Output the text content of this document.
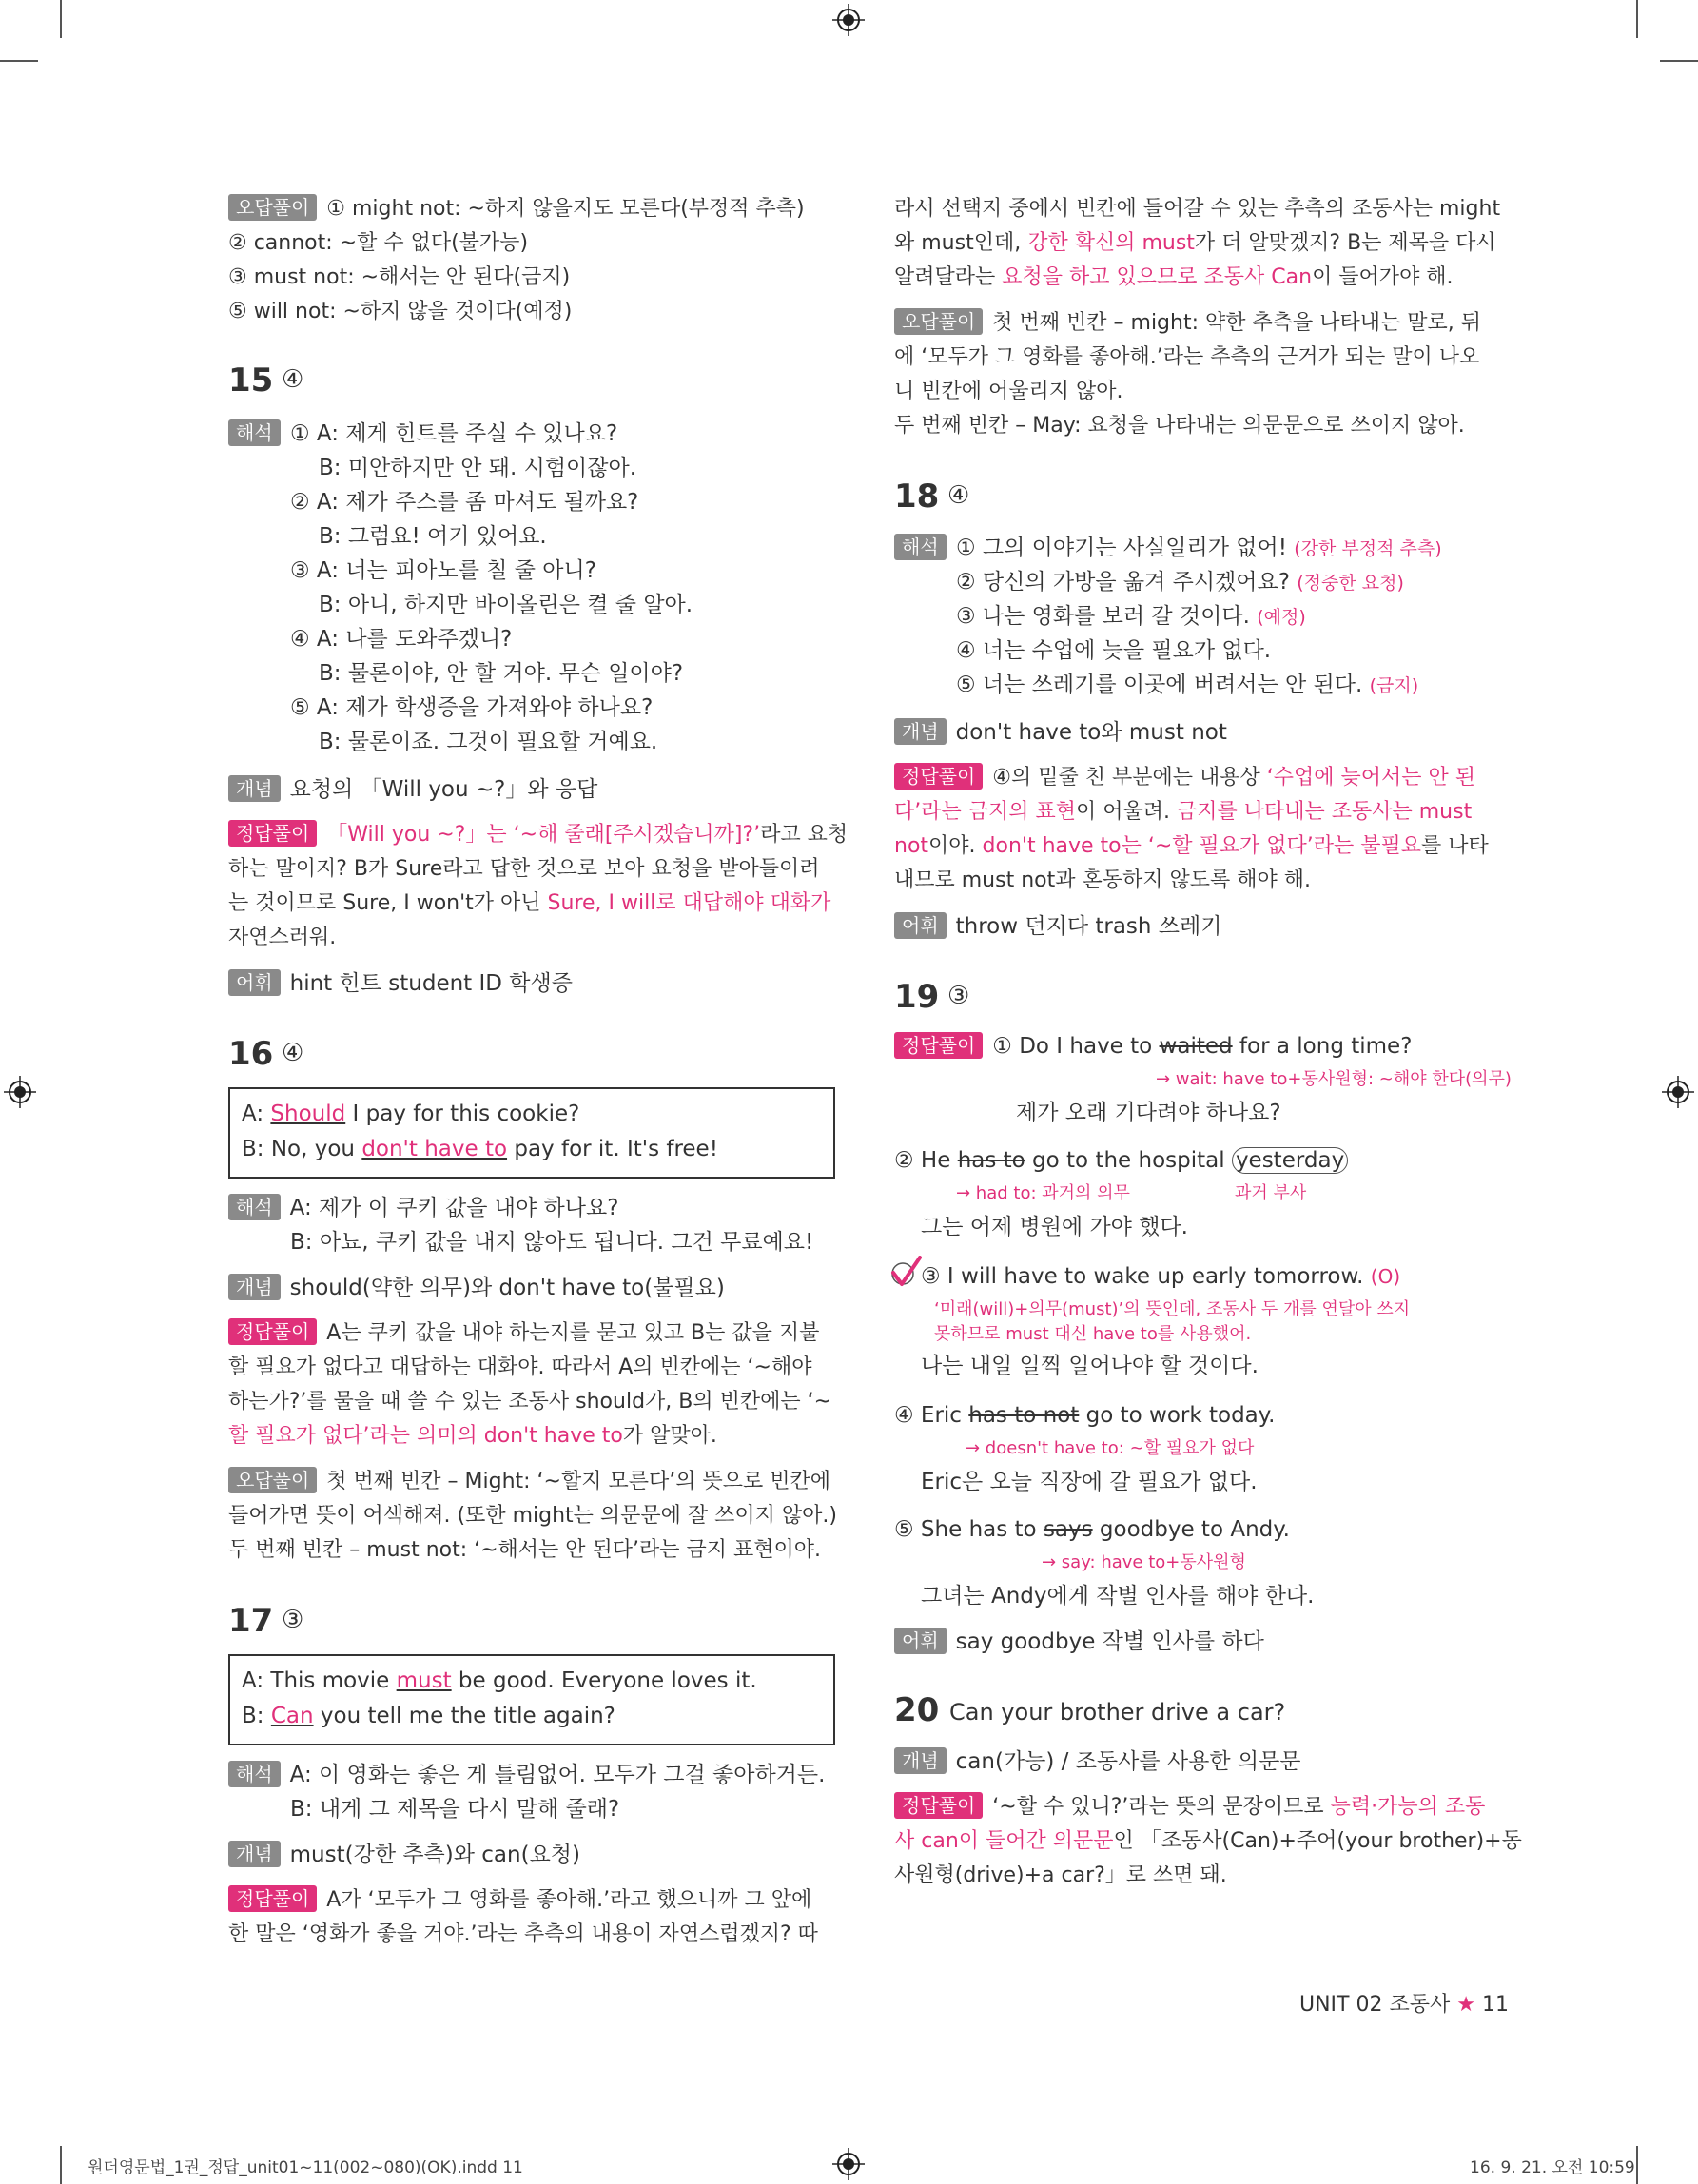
오답풀이 ① might not: ~하지 않을지도 모른다(부정적 추측)
② cannot: ~할 수 없다(불가능)
③ must not: ~해서는 안 된다(금지)
⑤ will not: ~하지 않을 것이다(예정)
15 ④
해석 ① A: 제게 힌트를 주실 수 있나요?
B: 미안하지만 안 돼. 시험이잖아.
② A: 제가 주스를 좀 마셔도 될까요?
B: 그럼요! 여기 있어요.
③ A: 너는 피아노를 칠 줄 아니?
B: 아니, 하지만 바이올린은 켤 줄 알아.
④ A: 나를 도와주겠니?
B: 물론이야, 안 할 거야. 무슨 일이야?
⑤ A: 제가 학생증을 가져와야 하나요?
B: 물론이죠. 그것이 필요할 거예요.
개념 요청의 「Will you ~?」와 응답
정답풀이 「Will you ~?」는 ‘~해 줄래[주시겠습니까]?’라고 요청
하는 말이지? B가 Sure라고 답한 것으로 보아 요청을 받아들이려
는 것이므로 Sure, I won't가 아닌 Sure, I will로 대답해야 대화가
자연스러워.
어휘 hint 힌트 student ID 학생증
16 ④
A: Should I pay for this cookie?
B: No, you don't have to pay for it. It's free!
해석 A: 제가 이 쿠키 값을 내야 하나요?
B: 아뇨, 쿠키 값을 내지 않아도 됩니다. 그건 무료예요!
개념 should(약한 의무)와 don't have to(불필요)
정답풀이 A는 쿠키 값을 내야 하는지를 묻고 있고 B는 값을 지불
할 필요가 없다고 대답하는 대화야. 따라서 A의 빈칸에는 ‘~해야
하는가?’를 물을 때 쓸 수 있는 조동사 should가, B의 빈칸에는 ‘~
할 필요가 없다’라는 의미의 don't have to가 알맞아.
오답풀이 첫 번째 빈칸 – Might: ‘~할지 모른다’의 뜻으로 빈칸에
들어가면 뜻이 어색해져. (또한 might는 의문문에 잘 쓰이지 않아.)
두 번째 빈칸 – must not: ‘~해서는 안 된다’라는 금지 표현이야.
17 ③
A: This movie must be good. Everyone loves it.
B: Can you tell me the title again?
해석 A: 이 영화는 좋은 게 틀림없어. 모두가 그걸 좋아하거든.
B: 내게 그 제목을 다시 말해 줄래?
개념 must(강한 추측)와 can(요청)
정답풀이 A가 ‘모두가 그 영화를 좋아해.’라고 했으니까 그 앞에
한 말은 ‘영화가 좋을 거야.’라는 추측의 내용이 자연스럽겠지? 따
라서 선택지 중에서 빈칸에 들어갈 수 있는 추측의 조동사는 might
와 must인데, 강한 확신의 must가 더 알맞겠지? B는 제목을 다시
알려달라는 요청을 하고 있으므로 조동사 Can이 들어가야 해.
오답풀이 첫 번째 빈칸 – might: 약한 추측을 나타내는 말로, 뒤
에 ‘모두가 그 영화를 좋아해.’라는 추측의 근거가 되는 말이 나오
니 빈칸에 어울리지 않아.
두 번째 빈칸 – May: 요청을 나타내는 의문문으로 쓰이지 않아.
18 ④
해석 ① 그의 이야기는 사실일리가 없어! (강한 부정적 추측)
② 당신의 가방을 옮겨 주시겠어요? (정중한 요청)
③ 나는 영화를 보러 갈 것이다. (예정)
④ 너는 수업에 늦을 필요가 없다.
⑤ 너는 쓰레기를 이곳에 버려서는 안 된다. (금지)
개념 don't have to와 must not
정답풀이 ④의 밑줄 친 부분에는 내용상 ‘수업에 늦어서는 안 된
다’라는 금지의 표현이 어울려. 금지를 나타내는 조동사는 must
not이야. don't have to는 ‘~할 필요가 없다’라는 불필요를 나타
내므로 must not과 혼동하지 않도록 해야 해.
어휘 throw 던지다 trash 쓰레기
19 ③
정답풀이 ① Do I have to waited for a long time?
→ wait: have to+동사원형: ~해야 한다(의무)
제가 오래 기다려야 하나요?
② He has to go to the hospital yesterday
→ had to: 과거의 의무	과거 부사
그는 어제 병원에 가야 했다.
③ I will have to wake up early tomorrow. (O)
‘미래(will)+의무(must)’의 뜻인데, 조동사 두 개를 연달아 쓰지
못하므로 must 대신 have to를 사용했어.
나는 내일 일찍 일어나야 할 것이다.
④ Eric has to not go to work today.
→ doesn't have to: ~할 필요가 없다
Eric은 오늘 직장에 갈 필요가 없다.
⑤ She has to says goodbye to Andy.
→ say: have to+동사원형
그녀는 Andy에게 작별 인사를 해야 한다.
어휘 say goodbye 작별 인사를 하다
20 Can your brother drive a car?
개념 can(가능) / 조동사를 사용한 의문문
정답풀이 ‘~할 수 있니?’라는 뜻의 문장이므로 능력·가능의 조동
사 can이 들어간 의문문인 「조동사(Can)+주어(your brother)+동
사원형(drive)+a car?」로 쓰면 돼.
UNIT 02 조동사 ★ 11
원더영문법_1권_정답_unit01~11(002~080)(OK).indd 11	16. 9. 21. 오전 10:59
